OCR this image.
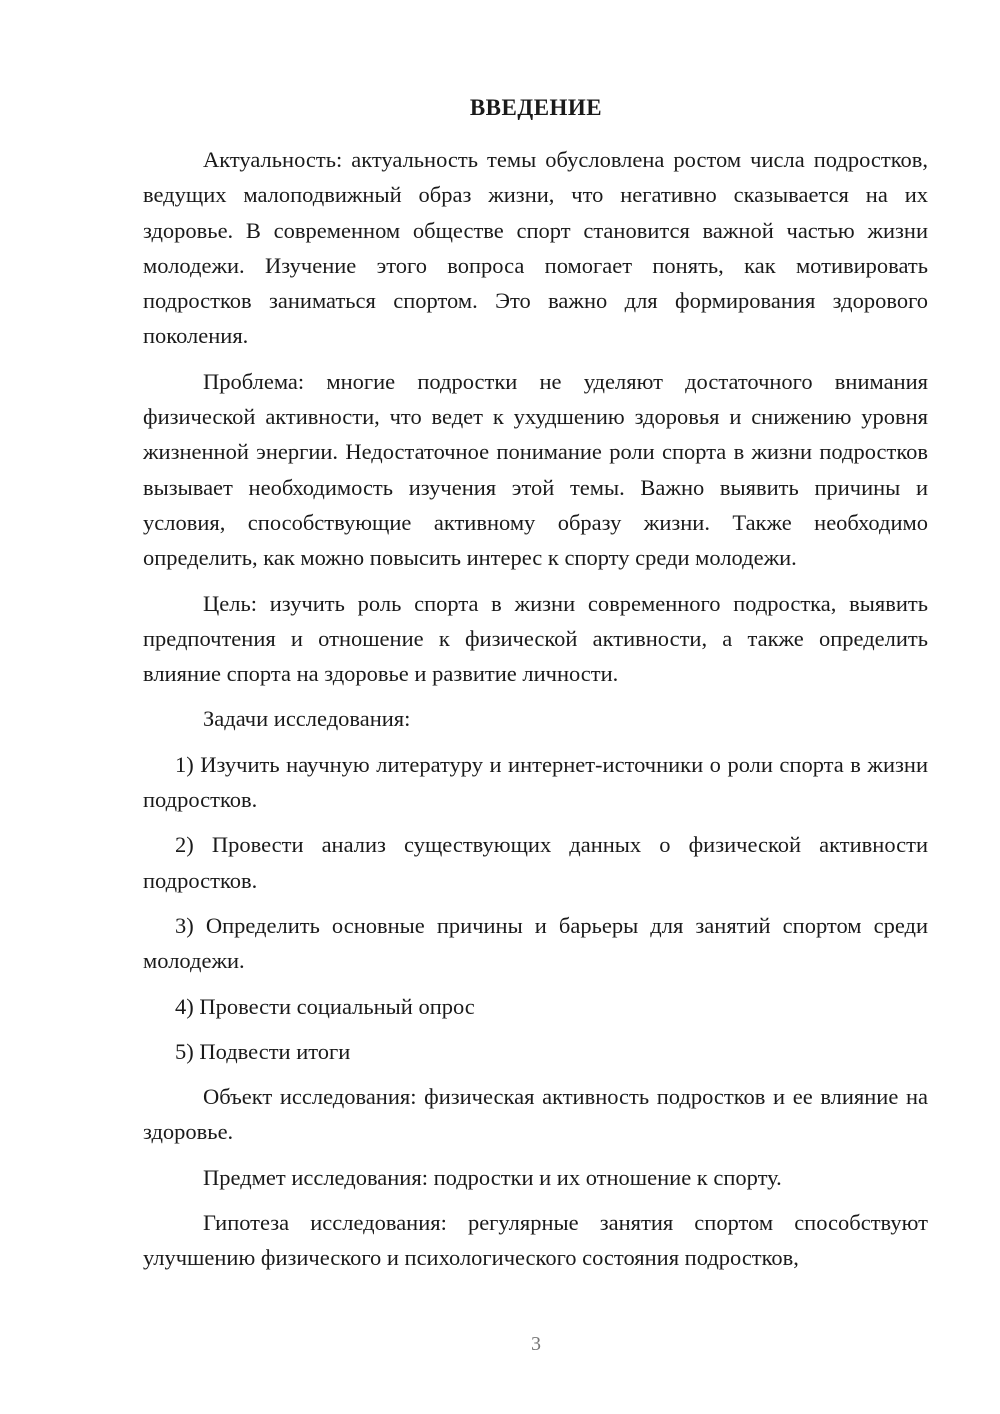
ВВЕДЕНИЕ

Актуальность: актуальность темы обусловлена ростом числа подростков, ведущих малоподвижный образ жизни, что негативно сказывается на их здоровье. В современном обществе спорт становится важной частью жизни молодежи. Изучение этого вопроса помогает понять, как мотивировать подростков заниматься спортом. Это важно для формирования здорового поколения.

Проблема: многие подростки не уделяют достаточного внимания физической активности, что ведет к ухудшению здоровья и снижению уровня жизненной энергии. Недостаточное понимание роли спорта в жизни подростков вызывает необходимость изучения этой темы. Важно выявить причины и условия, способствующие активному образу жизни. Также необходимо определить, как можно повысить интерес к спорту среди молодежи.

Цель: изучить роль спорта в жизни современного подростка, выявить предпочтения и отношение к физической активности, а также определить влияние спорта на здоровье и развитие личности.

Задачи исследования:

1) Изучить научную литературу и интернет-источники о роли спорта в жизни подростков.

2) Провести анализ существующих данных о физической активности подростков.

3) Определить основные причины и барьеры для занятий спортом среди молодежи.

4) Провести социальный опрос

5) Подвести итоги

Объект исследования: физическая активность подростков и ее влияние на здоровье.

Предмет исследования: подростки и их отношение к спорту.

Гипотеза исследования: регулярные занятия спортом способствуют улучшению физического и психологического состояния подростков,

3
